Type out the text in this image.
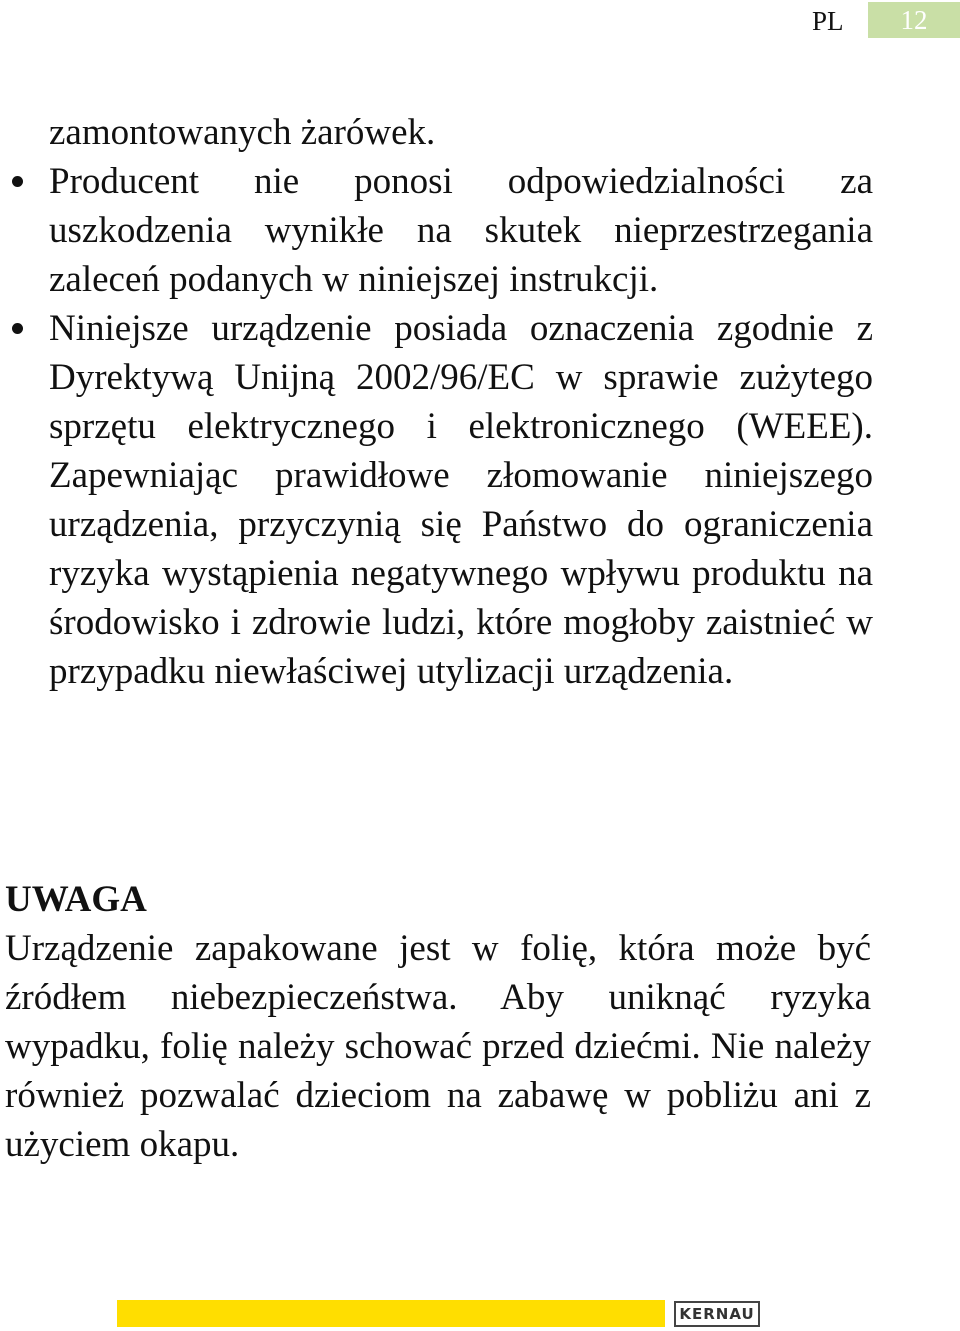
PL	12

zamontowanych żarówek.

Producent nie ponosi odpowiedzialności za uszkodzenia wynikłe na skutek nieprzestrzegania zaleceń podanych w niniejszej instrukcji.
Niniejsze urządzenie posiada oznaczenia zgodnie z Dyrektywą Unijną 2002/96/EC w sprawie zużytego sprzętu elektrycznego i elektronicznego (WEEE). Zapewniając prawidłowe złomowanie niniejszego urządzenia, przyczynią się Państwo do ograniczenia ryzyka wystąpienia negatywnego wpływu produktu na środowisko i zdrowie ludzi, które mogłoby zaistnieć w przypadku niewłaściwej utylizacji urządzenia.
UWAGA

Urządzenie zapakowane jest w folię, która może być źródłem niebezpieczeństwa. Aby uniknąć ryzyka wypadku, folię należy schować przed dziećmi. Nie należy również pozwalać dzieciom na zabawę w pobliżu ani z użyciem okapu.

KERNAU
